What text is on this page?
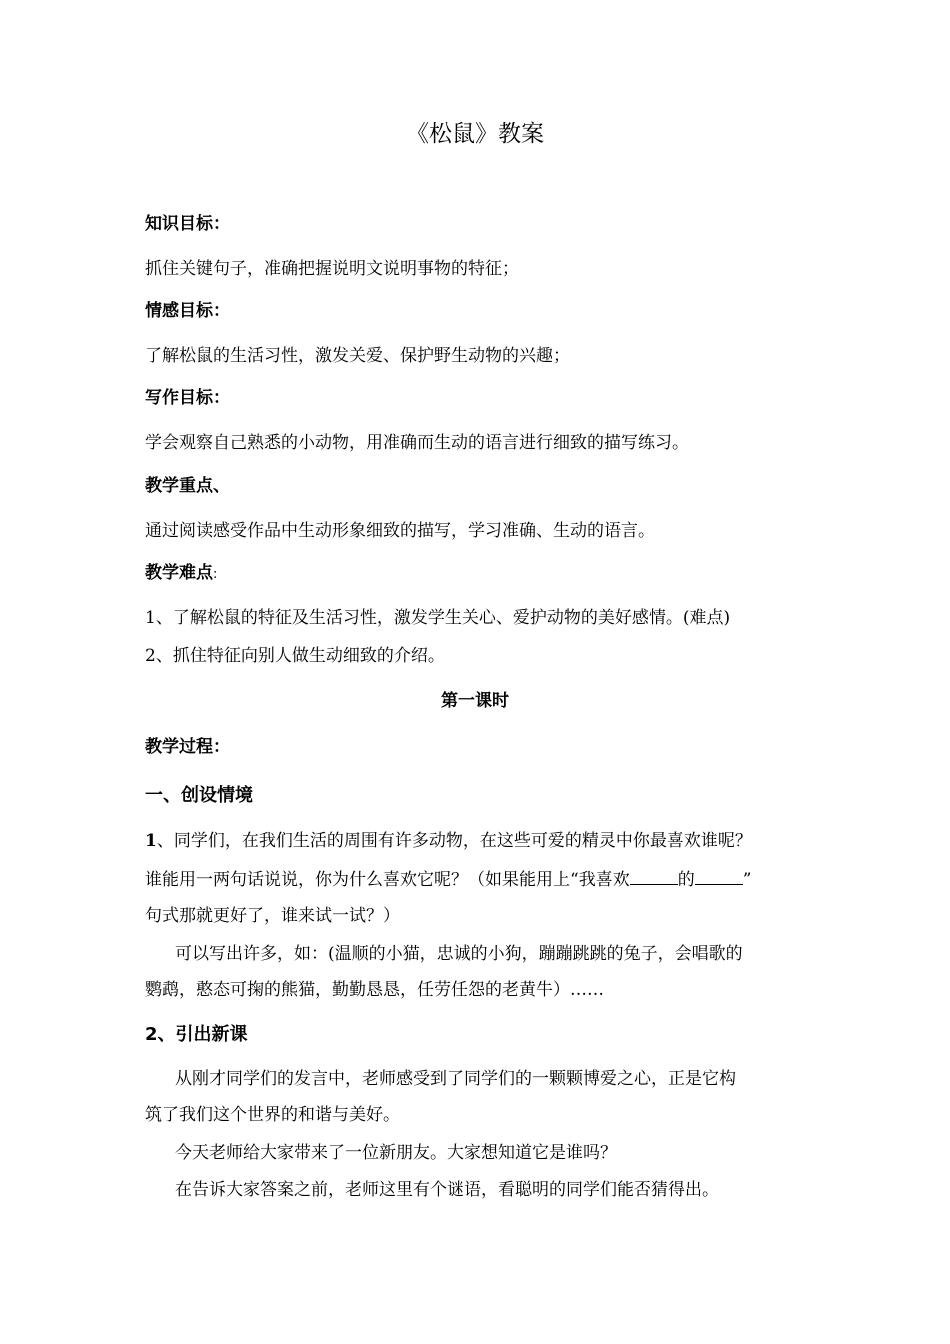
《松鼠》教案
知识目标：
抓住关键句子，准确把握说明文说明事物的特征；
情感目标：
了解松鼠的生活习性，激发关爱、保护野生动物的兴趣；
写作目标：
学会观察自己熟悉的小动物，用准确而生动的语言进行细致的描写练习。
教学重点、
通过阅读感受作品中生动形象细致的描写，学习准确、生动的语言。
教学难点:
1、了解松鼠的特征及生活习性，激发学生关心、爱护动物的美好感情。(难点)
2、抓住特征向别人做生动细致的介绍。
第一课时
教学过程：
一、创设情境
1、同学们，在我们生活的周围有许多动物，在这些可爱的精灵中你最喜欢谁呢？
谁能用一两句话说说，你为什么喜欢它呢？（如果能用上“我喜欢	的	”
句式那就更好了，谁来试一试？）
可以写出许多，如：(温顺的小猫，忠诚的小狗，蹦蹦跳跳的兔子，会唱歌的
鹦鹉，憨态可掬的熊猫，勤勤恳恳，任劳任怨的老黄牛）……
2、引出新课
从刚才同学们的发言中，老师感受到了同学们的一颗颗博爱之心，正是它构
筑了我们这个世界的和谐与美好。
今天老师给大家带来了一位新朋友。大家想知道它是谁吗？
在告诉大家答案之前，老师这里有个谜语，看聪明的同学们能否猜得出。
